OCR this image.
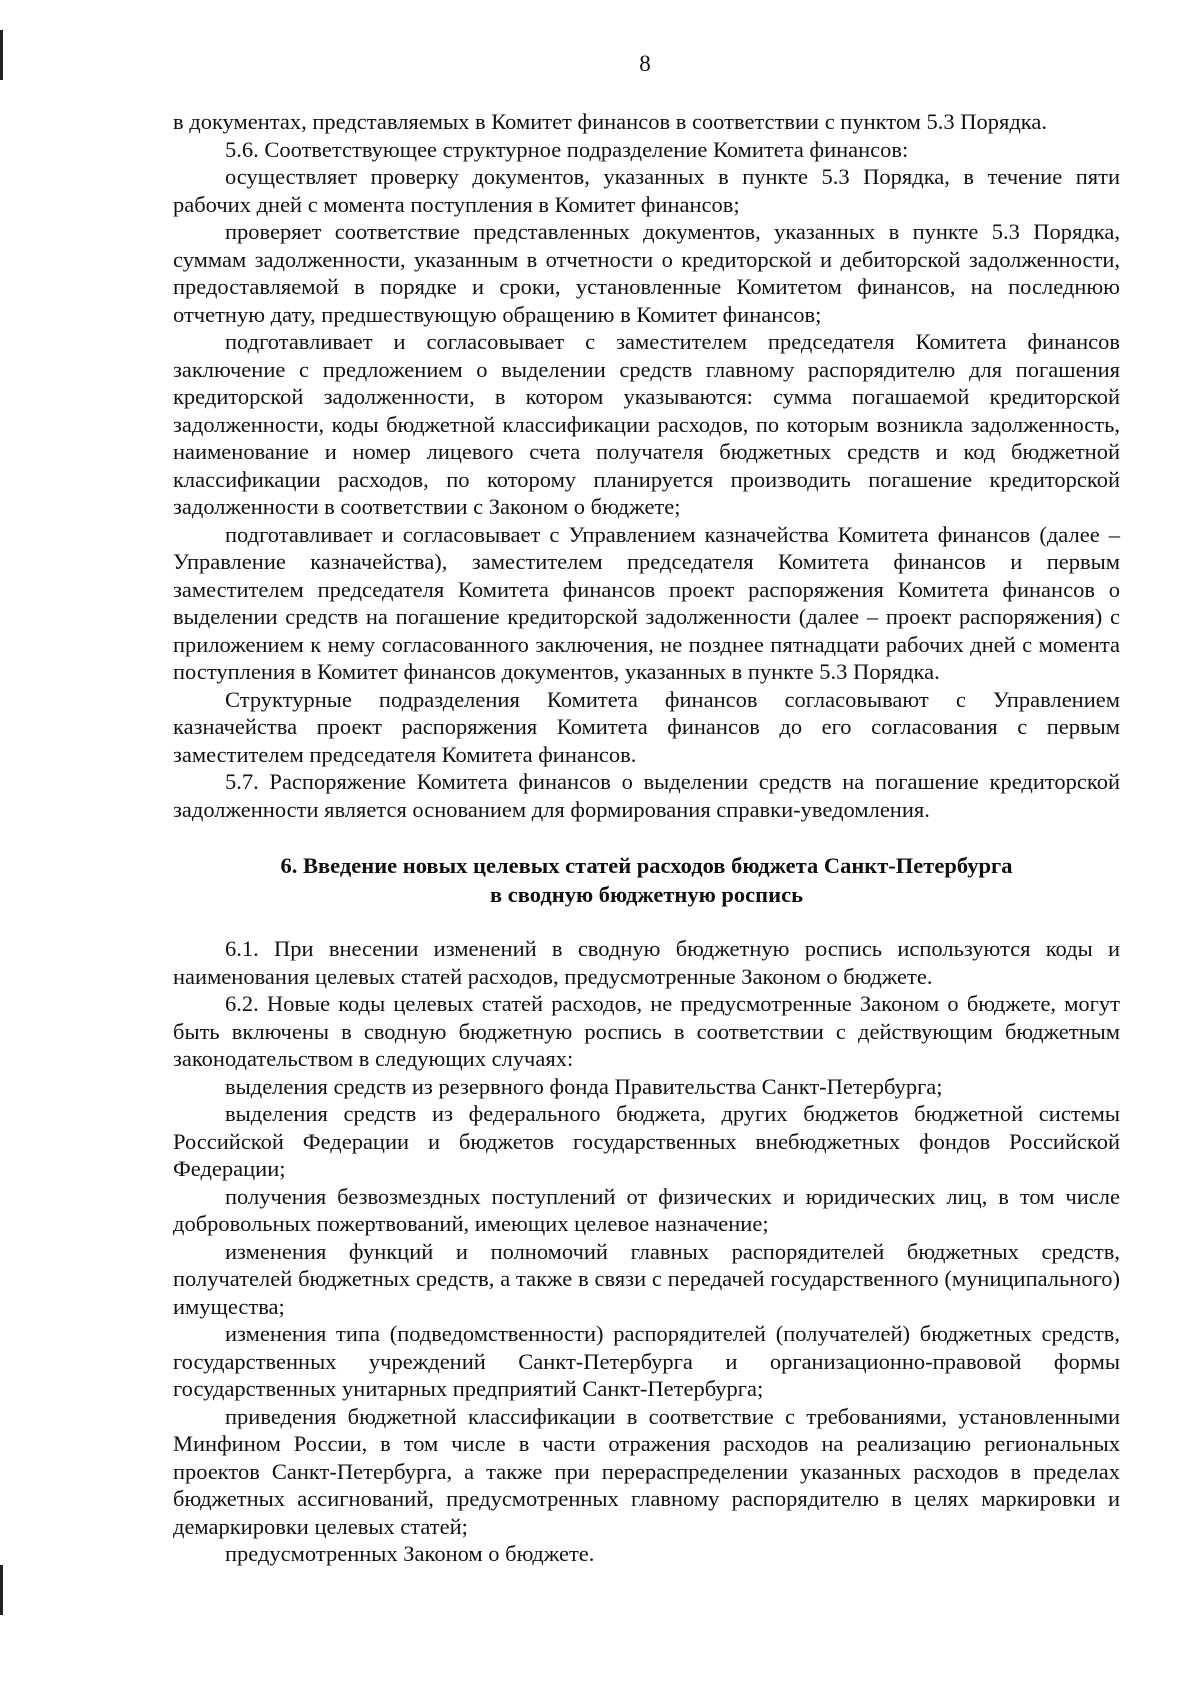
8

в документах, представляемых в Комитет финансов в соответствии с пунктом 5.3 Порядка.

5.6. Соответствующее структурное подразделение Комитета финансов:

осуществляет проверку документов, указанных в пункте 5.3 Порядка, в течение пяти рабочих дней с момента поступления в Комитет финансов;

проверяет соответствие представленных документов, указанных в пункте 5.3 Порядка, суммам задолженности, указанным в отчетности о кредиторской и дебиторской задолженности, предоставляемой в порядке и сроки, установленные Комитетом финансов, на последнюю отчетную дату, предшествующую обращению в Комитет финансов;

подготавливает и согласовывает с заместителем председателя Комитета финансов заключение с предложением о выделении средств главному распорядителю для погашения кредиторской задолженности, в котором указываются: сумма погашаемой кредиторской задолженности, коды бюджетной классификации расходов, по которым возникла задолженность, наименование и номер лицевого счета получателя бюджетных средств и код бюджетной классификации расходов, по которому планируется производить погашение кредиторской задолженности в соответствии с Законом о бюджете;

подготавливает и согласовывает с Управлением казначейства Комитета финансов (далее – Управление казначейства), заместителем председателя Комитета финансов и первым заместителем председателя Комитета финансов проект распоряжения Комитета финансов о выделении средств на погашение кредиторской задолженности (далее – проект распоряжения) с приложением к нему согласованного заключения, не позднее пятнадцати рабочих дней с момента поступления в Комитет финансов документов, указанных в пункте 5.3 Порядка.

Структурные подразделения Комитета финансов согласовывают с Управлением казначейства проект распоряжения Комитета финансов до его согласования с первым заместителем председателя Комитета финансов.

5.7. Распоряжение Комитета финансов о выделении средств на погашение кредиторской задолженности является основанием для формирования справки-уведомления.

6. Введение новых целевых статей расходов бюджета Санкт-Петербурга
в сводную бюджетную роспись

6.1. При внесении изменений в сводную бюджетную роспись используются коды и наименования целевых статей расходов, предусмотренные Законом о бюджете.

6.2. Новые коды целевых статей расходов, не предусмотренные Законом о бюджете, могут быть включены в сводную бюджетную роспись в соответствии с действующим бюджетным законодательством в следующих случаях:

выделения средств из резервного фонда Правительства Санкт-Петербурга;

выделения средств из федерального бюджета, других бюджетов бюджетной системы Российской Федерации и бюджетов государственных внебюджетных фондов Российской Федерации;

получения безвозмездных поступлений от физических и юридических лиц, в том числе добровольных пожертвований, имеющих целевое назначение;

изменения функций и полномочий главных распорядителей бюджетных средств, получателей бюджетных средств, а также в связи с передачей государственного (муниципального) имущества;

изменения типа (подведомственности) распорядителей (получателей) бюджетных средств, государственных учреждений Санкт-Петербурга и организационно-правовой формы государственных унитарных предприятий Санкт-Петербурга;

приведения бюджетной классификации в соответствие с требованиями, установленными Минфином России, в том числе в части отражения расходов на реализацию региональных проектов Санкт-Петербурга, а также при перераспределении указанных расходов в пределах бюджетных ассигнований, предусмотренных главному распорядителю в целях маркировки и демаркировки целевых статей;

предусмотренных Законом о бюджете.
